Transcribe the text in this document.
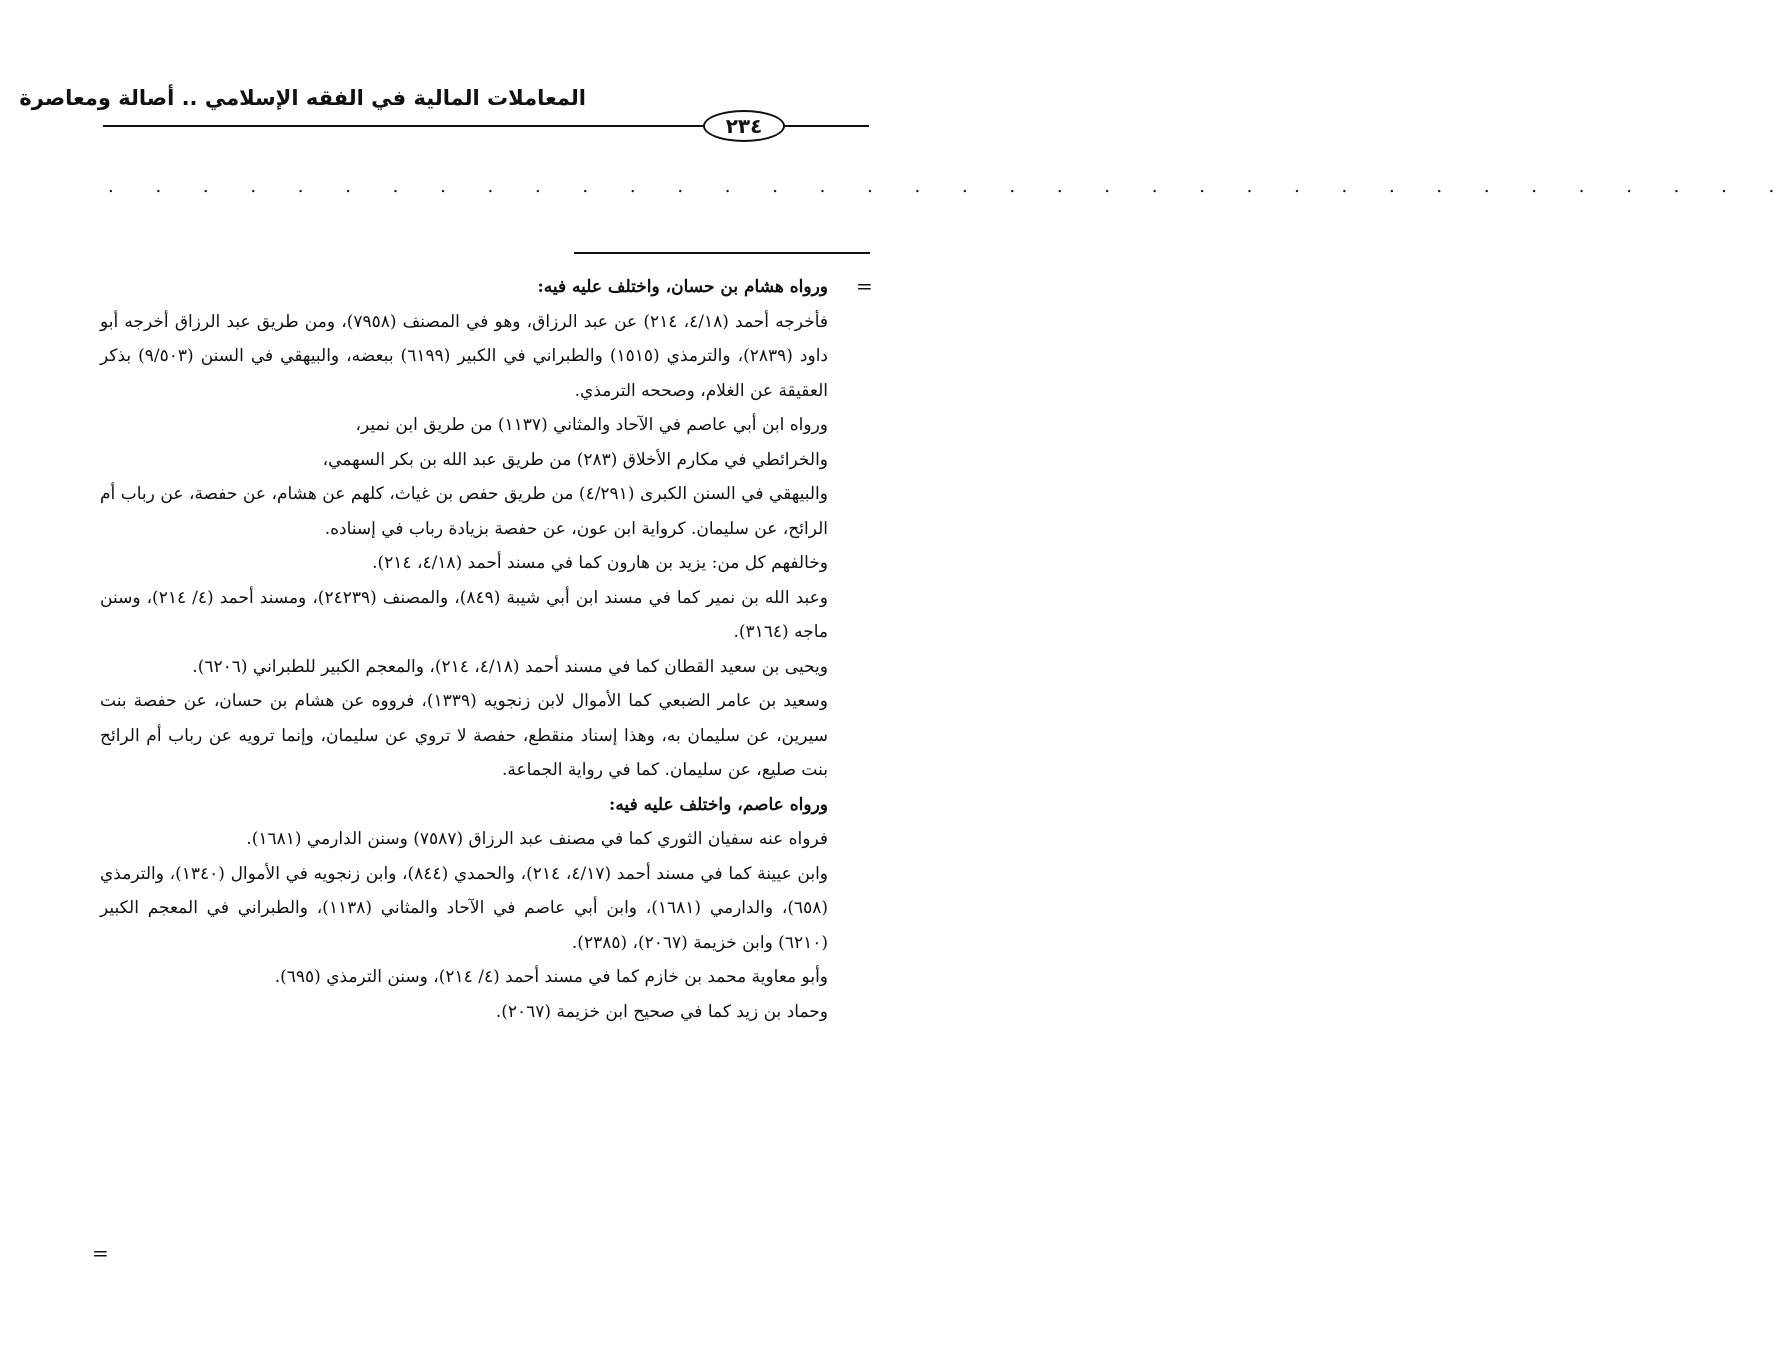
المعاملات المالية في الفقه الإسلامي .. أصالة ومعاصرة
٢٣٤
. . . . . . . . . . . . . . . . . . . . . . . . . . . . . . . . . . . .
=

ورواه هشام بن حسان، واختلف عليه فيه:

فأخرجه أحمد (٤/١٨، ٢١٤) عن عبد الرزاق، وهو في المصنف (٧٩٥٨)، ومن طريق عبد الرزاق أخرجه أبو داود (٢٨٣٩)، والترمذي (١٥١٥) والطبراني في الكبير (٦١٩٩) ببعضه، والبيهقي في السنن (٩/٥٠٣) بذكر العقيقة عن الغلام، وصححه الترمذي.

ورواه ابن أبي عاصم في الآحاد والمثاني (١١٣٧) من طريق ابن نمير،

والخرائطي في مكارم الأخلاق (٢٨٣) من طريق عبد الله بن بكر السهمي،

والبيهقي في السنن الكبرى (٤/٢٩١) من طريق حفص بن غياث، كلهم عن هشام، عن حفصة، عن رباب أم الرائح، عن سليمان. كرواية ابن عون، عن حفصة بزيادة رباب في إسناده.

وخالفهم كل من: يزيد بن هارون كما في مسند أحمد (٤/١٨، ٢١٤).

وعبد الله بن نمير كما في مسند ابن أبي شيبة (٨٤٩)، والمصنف (٢٤٢٣٩)، ومسند أحمد (٤/ ٢١٤)، وسنن ماجه (٣١٦٤).

ويحيى بن سعيد القطان كما في مسند أحمد (٤/١٨، ٢١٤)، والمعجم الكبير للطبراني (٦٢٠٦).

وسعيد بن عامر الضبعي كما الأموال لابن زنجويه (١٣٣٩)، فرووه عن هشام بن حسان، عن حفصة بنت سيرين، عن سليمان به، وهذا إسناد منقطع، حفصة لا تروي عن سليمان، وإنما ترويه عن رباب أم الرائح بنت صليع، عن سليمان. كما في رواية الجماعة.

ورواه عاصم، واختلف عليه فيه:

فرواه عنه سفيان الثوري كما في مصنف عبد الرزاق (٧٥٨٧) وسنن الدارمي (١٦٨١).

وابن عيينة كما في مسند أحمد (٤/١٧، ٢١٤)، والحمدي (٨٤٤)، وابن زنجويه في الأموال (١٣٤٠)، والترمذي (٦٥٨)، والدارمي (١٦٨١)، وابن أبي عاصم في الآحاد والمثاني (١١٣٨)، والطبراني في المعجم الكبير (٦٢١٠) وابن خزيمة (٢٠٦٧)، (٢٣٨٥).

وأبو معاوية محمد بن خازم كما في مسند أحمد (٤/ ٢١٤)، وسنن الترمذي (٦٩٥).

وحماد بن زيد كما في صحيح ابن خزيمة (٢٠٦٧).

=
